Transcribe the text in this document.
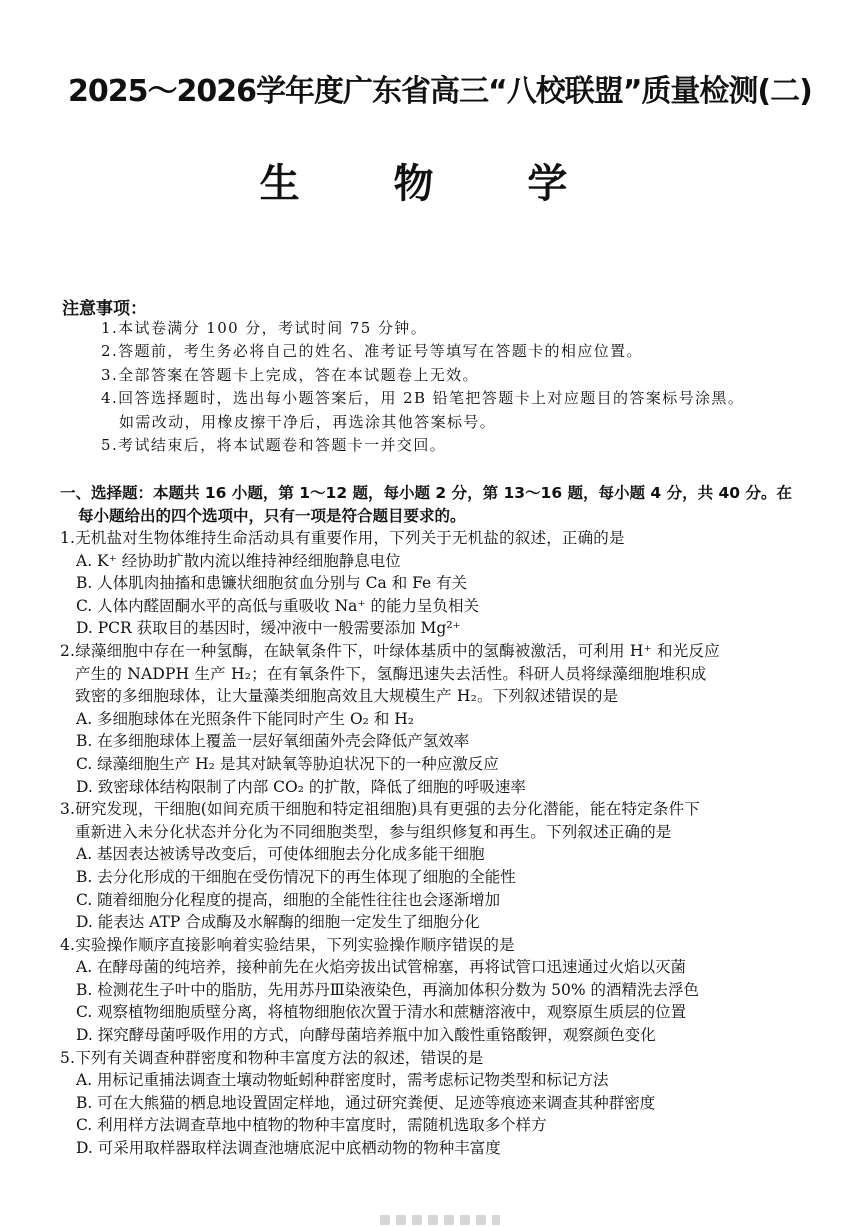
2025～2026学年度广东省高三“八校联盟”质量检测(二)
生 物 学
注意事项：
1.本试卷满分 100 分，考试时间 75 分钟。
2.答题前，考生务必将自己的姓名、准考证号等填写在答题卡的相应位置。
3.全部答案在答题卡上完成，答在本试题卷上无效。
4.回答选择题时，选出每小题答案后，用 2B 铅笔把答题卡上对应题目的答案标号涂黑。
如需改动，用橡皮擦干净后，再选涂其他答案标号。
5.考试结束后，将本试题卷和答题卡一并交回。
一、选择题：本题共 16 小题，第 1～12 题，每小题 2 分，第 13～16 题，每小题 4 分，共 40 分。在
每小题给出的四个选项中，只有一项是符合题目要求的。
1.无机盐对生物体维持生命活动具有重要作用，下列关于无机盐的叙述，正确的是
A. K⁺ 经协助扩散内流以维持神经细胞静息电位
B. 人体肌肉抽搐和患镰状细胞贫血分别与 Ca 和 Fe 有关
C. 人体内醛固酮水平的高低与重吸收 Na⁺ 的能力呈负相关
D. PCR 获取目的基因时，缓冲液中一般需要添加 Mg²⁺
2.绿藻细胞中存在一种氢酶，在缺氧条件下，叶绿体基质中的氢酶被激活，可利用 H⁺ 和光反应
产生的 NADPH 生产 H₂；在有氧条件下，氢酶迅速失去活性。科研人员将绿藻细胞堆积成
致密的多细胞球体，让大量藻类细胞高效且大规模生产 H₂。下列叙述错误的是
A. 多细胞球体在光照条件下能同时产生 O₂ 和 H₂
B. 在多细胞球体上覆盖一层好氧细菌外壳会降低产氢效率
C. 绿藻细胞生产 H₂ 是其对缺氧等胁迫状况下的一种应激反应
D. 致密球体结构限制了内部 CO₂ 的扩散，降低了细胞的呼吸速率
3.研究发现，干细胞(如间充质干细胞和特定祖细胞)具有更强的去分化潜能，能在特定条件下
重新进入未分化状态并分化为不同细胞类型，参与组织修复和再生。下列叙述正确的是
A. 基因表达被诱导改变后，可使体细胞去分化成多能干细胞
B. 去分化形成的干细胞在受伤情况下的再生体现了细胞的全能性
C. 随着细胞分化程度的提高，细胞的全能性往往也会逐渐增加
D. 能表达 ATP 合成酶及水解酶的细胞一定发生了细胞分化
4.实验操作顺序直接影响着实验结果，下列实验操作顺序错误的是
A. 在酵母菌的纯培养，接种前先在火焰旁拔出试管棉塞，再将试管口迅速通过火焰以灭菌
B. 检测花生子叶中的脂肪，先用苏丹Ⅲ染液染色，再滴加体积分数为 50% 的酒精洗去浮色
C. 观察植物细胞质壁分离，将植物细胞依次置于清水和蔗糖溶液中，观察原生质层的位置
D. 探究酵母菌呼吸作用的方式，向酵母菌培养瓶中加入酸性重铬酸钾，观察颜色变化
5.下列有关调查种群密度和物种丰富度方法的叙述，错误的是
A. 用标记重捕法调查土壤动物蚯蚓种群密度时，需考虑标记物类型和标记方法
B. 可在大熊猫的栖息地设置固定样地，通过研究粪便、足迹等痕迹来调查其种群密度
C. 利用样方法调查草地中植物的物种丰富度时，需随机选取多个样方
D. 可采用取样器取样法调查池塘底泥中底栖动物的物种丰富度
